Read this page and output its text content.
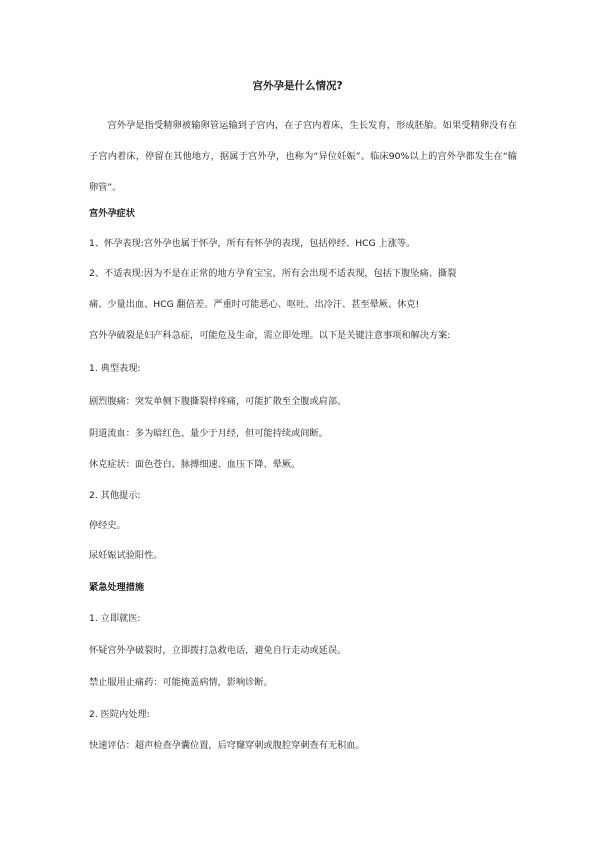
宫外孕是什么情况?
宫外孕是指受精卵被输卵管运输到子宫内，在子宫内着床，生长发育，形成胚胎。如果受精卵没有在子宫内着床，停留在其他地方，据属于宫外孕，也称为“异位妊娠”。临床90%以上的宫外孕都发生在“输卵管”。
宫外孕症状
1、怀孕表现:宫外孕也属于怀孕，所有有怀孕的表现，包括停经、HCG 上涨等。
2、不适表现:因为不是在正常的地方孕育宝宝，所有会出现不适表现，包括下腹坠痛、撕裂
痛、少量出血、HCG 翻倍差。严重时可能恶心、呕吐、出冷汗、甚至晕厥、休克!
宫外孕破裂是妇产科急症，可能危及生命，需立即处理。以下是关键注意事项和解决方案:
1. 典型表现:
剧烈腹痛：突发单侧下腹撕裂样疼痛，可能扩散至全腹或肩部。
阴道流血：多为暗红色、量少于月经，但可能持续或间断。
休克症状：面色苍白、脉搏细速、血压下降、晕厥。
2. 其他提示:
停经史。
尿妊娠试验阳性。
紧急处理措施
1. 立即就医:
怀疑宫外孕破裂时，立即拨打急救电话，避免自行走动或延误。
禁止服用止痛药：可能掩盖病情，影响诊断。
2. 医院内处理:
快速评估：超声检查孕囊位置，后穹窿穿刺或腹腔穿刺查有无积血。
